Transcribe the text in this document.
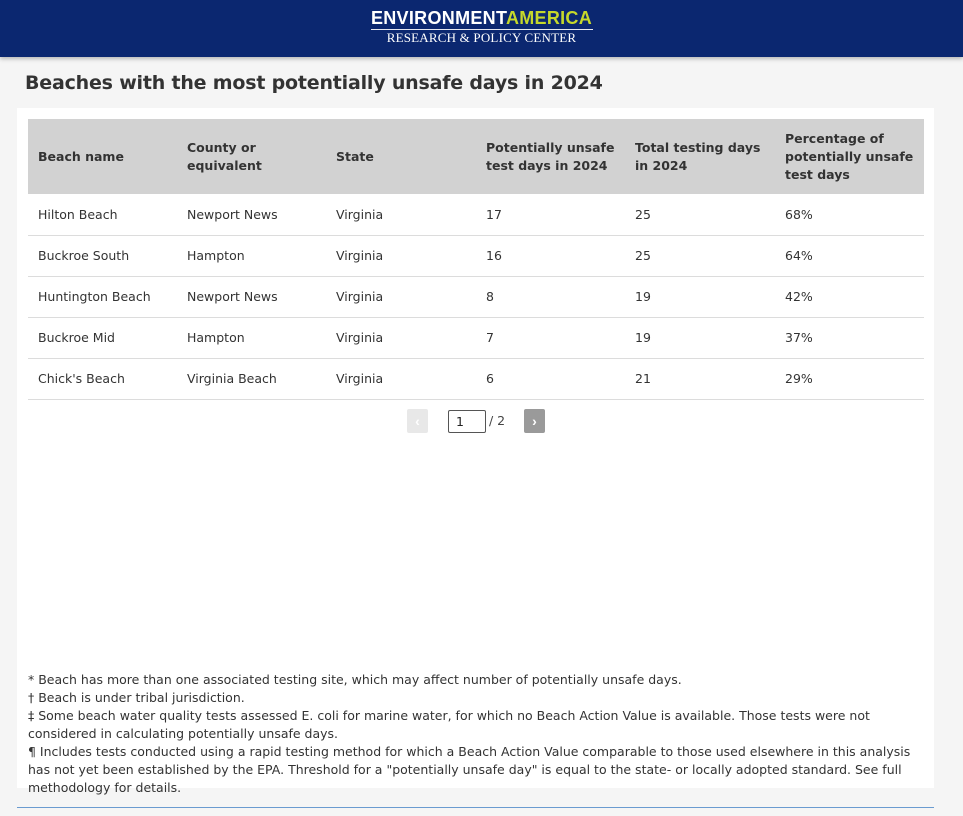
ENVIRONMENTAMERICA
RESEARCH & POLICY CENTER
Beaches with the most potentially unsafe days in 2024
Beach name	County or equivalent	State	Potentially unsafe test days in 2024	Total testing days in 2024	Percentage of potentially unsafe test days
Hilton Beach	Newport News	Virginia	17	25	68%
Buckroe South	Hampton	Virginia	16	25	64%
Huntington Beach	Newport News	Virginia	8	19	42%
Buckroe Mid	Hampton	Virginia	7	19	37%
Chick's Beach	Virginia Beach	Virginia	6	21	29%
‹
1	/ 2	›
* Beach has more than one associated testing site, which may affect number of potentially unsafe days.
† Beach is under tribal jurisdiction.
‡ Some beach water quality tests assessed E. coli for marine water, for which no Beach Action Value is available. Those tests were not considered in calculating potentially unsafe days.
¶ Includes tests conducted using a rapid testing method for which a Beach Action Value comparable to those used elsewhere in this analysis has not yet been established by the EPA. Threshold for a "potentially unsafe day" is equal to the state- or locally adopted standard. See full methodology for details.
